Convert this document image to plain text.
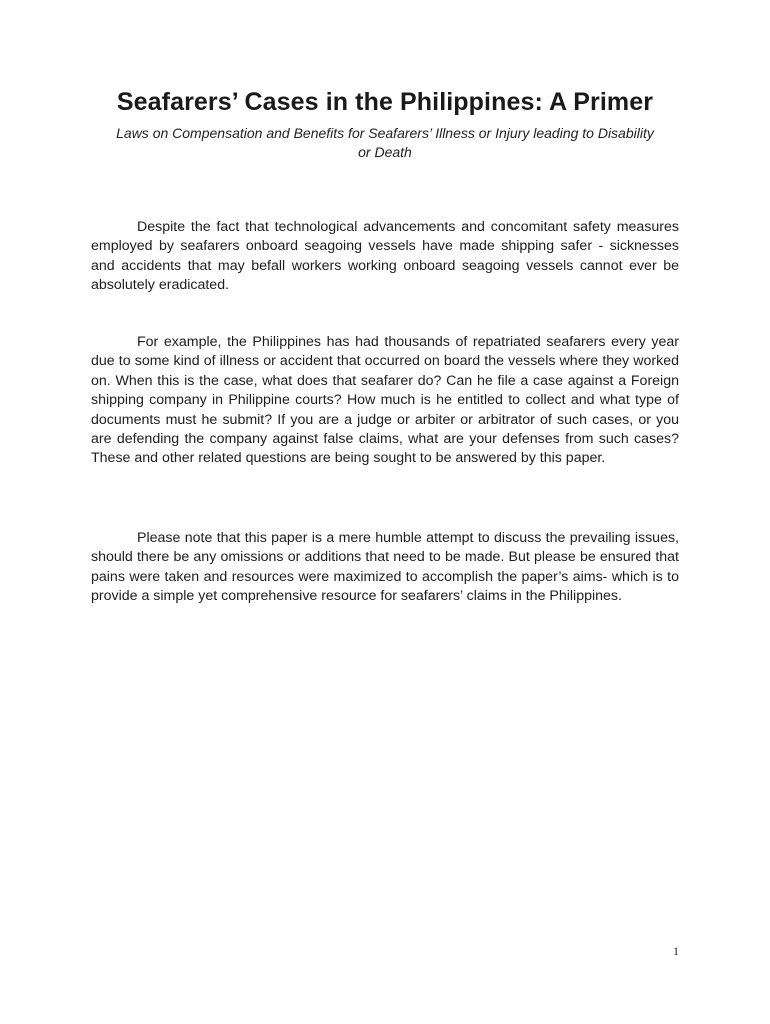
Seafarers’ Cases in the Philippines: A Primer

Laws on Compensation and Benefits for Seafarers’ Illness or Injury leading to Disability or Death

Despite the fact that technological advancements and concomitant safety measures employed by seafarers onboard seagoing vessels have made shipping safer - sicknesses and accidents that may befall workers working onboard seagoing vessels cannot ever be absolutely eradicated.

For example, the Philippines has had thousands of repatriated seafarers every year due to some kind of illness or accident that occurred on board the vessels where they worked on. When this is the case, what does that seafarer do? Can he file a case against a Foreign shipping company in Philippine courts? How much is he entitled to collect and what type of documents must he submit? If you are a judge or arbiter or arbitrator of such cases, or you are defending the company against false claims, what are your defenses from such cases? These and other related questions are being sought to be answered by this paper.

Please note that this paper is a mere humble attempt to discuss the prevailing issues, should there be any omissions or additions that need to be made. But please be ensured that pains were taken and resources were maximized to accomplish the paper’s aims- which is to provide a simple yet comprehensive resource for seafarers’ claims in the Philippines.

1
